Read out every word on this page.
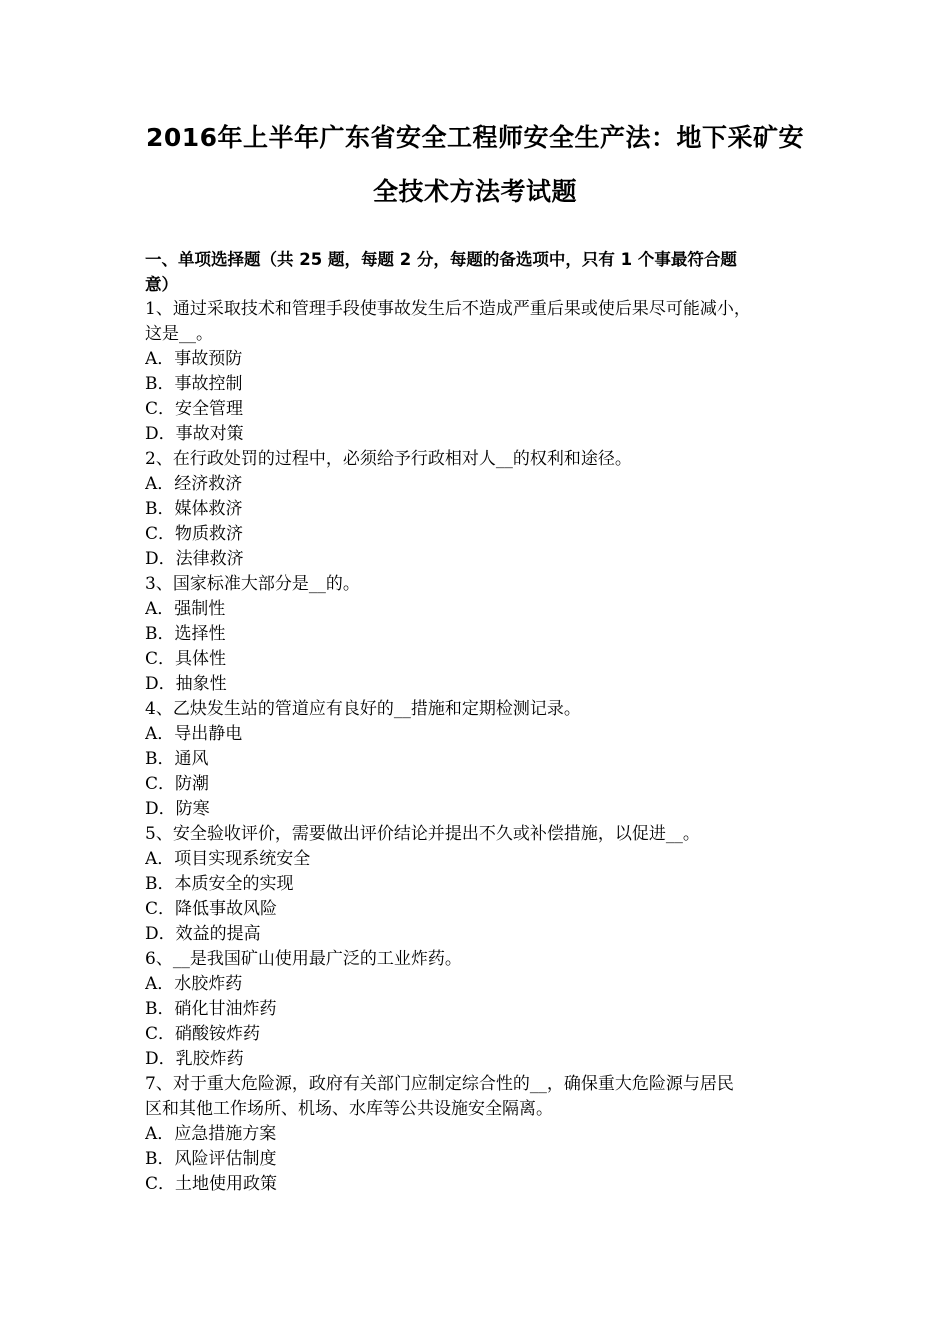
2016年上半年广东省安全工程师安全生产法：地下采矿安
全技术方法考试题
一、单项选择题（共 25 题，每题 2 分，每题的备选项中，只有 1 个事最符合题
意）
1、通过采取技术和管理手段使事故发生后不造成严重后果或使后果尽可能减小，
这是__。
A．事故预防
B．事故控制
C．安全管理
D．事故对策
2、在行政处罚的过程中，必须给予行政相对人__的权利和途径。
A．经济救济
B．媒体救济
C．物质救济
D．法律救济
3、国家标准大部分是__的。
A．强制性
B．选择性
C．具体性
D．抽象性
4、乙炔发生站的管道应有良好的__措施和定期检测记录。
A．导出静电
B．通风
C．防潮
D．防寒
5、安全验收评价，需要做出评价结论并提出不久或补偿措施，以促进__。
A．项目实现系统安全
B．本质安全的实现
C．降低事故风险
D．效益的提高
6、__是我国矿山使用最广泛的工业炸药。
A．水胶炸药
B．硝化甘油炸药
C．硝酸铵炸药
D．乳胶炸药
7、对于重大危险源，政府有关部门应制定综合性的__，确保重大危险源与居民
区和其他工作场所、机场、水库等公共设施安全隔离。
A．应急措施方案
B．风险评估制度
C．土地使用政策
